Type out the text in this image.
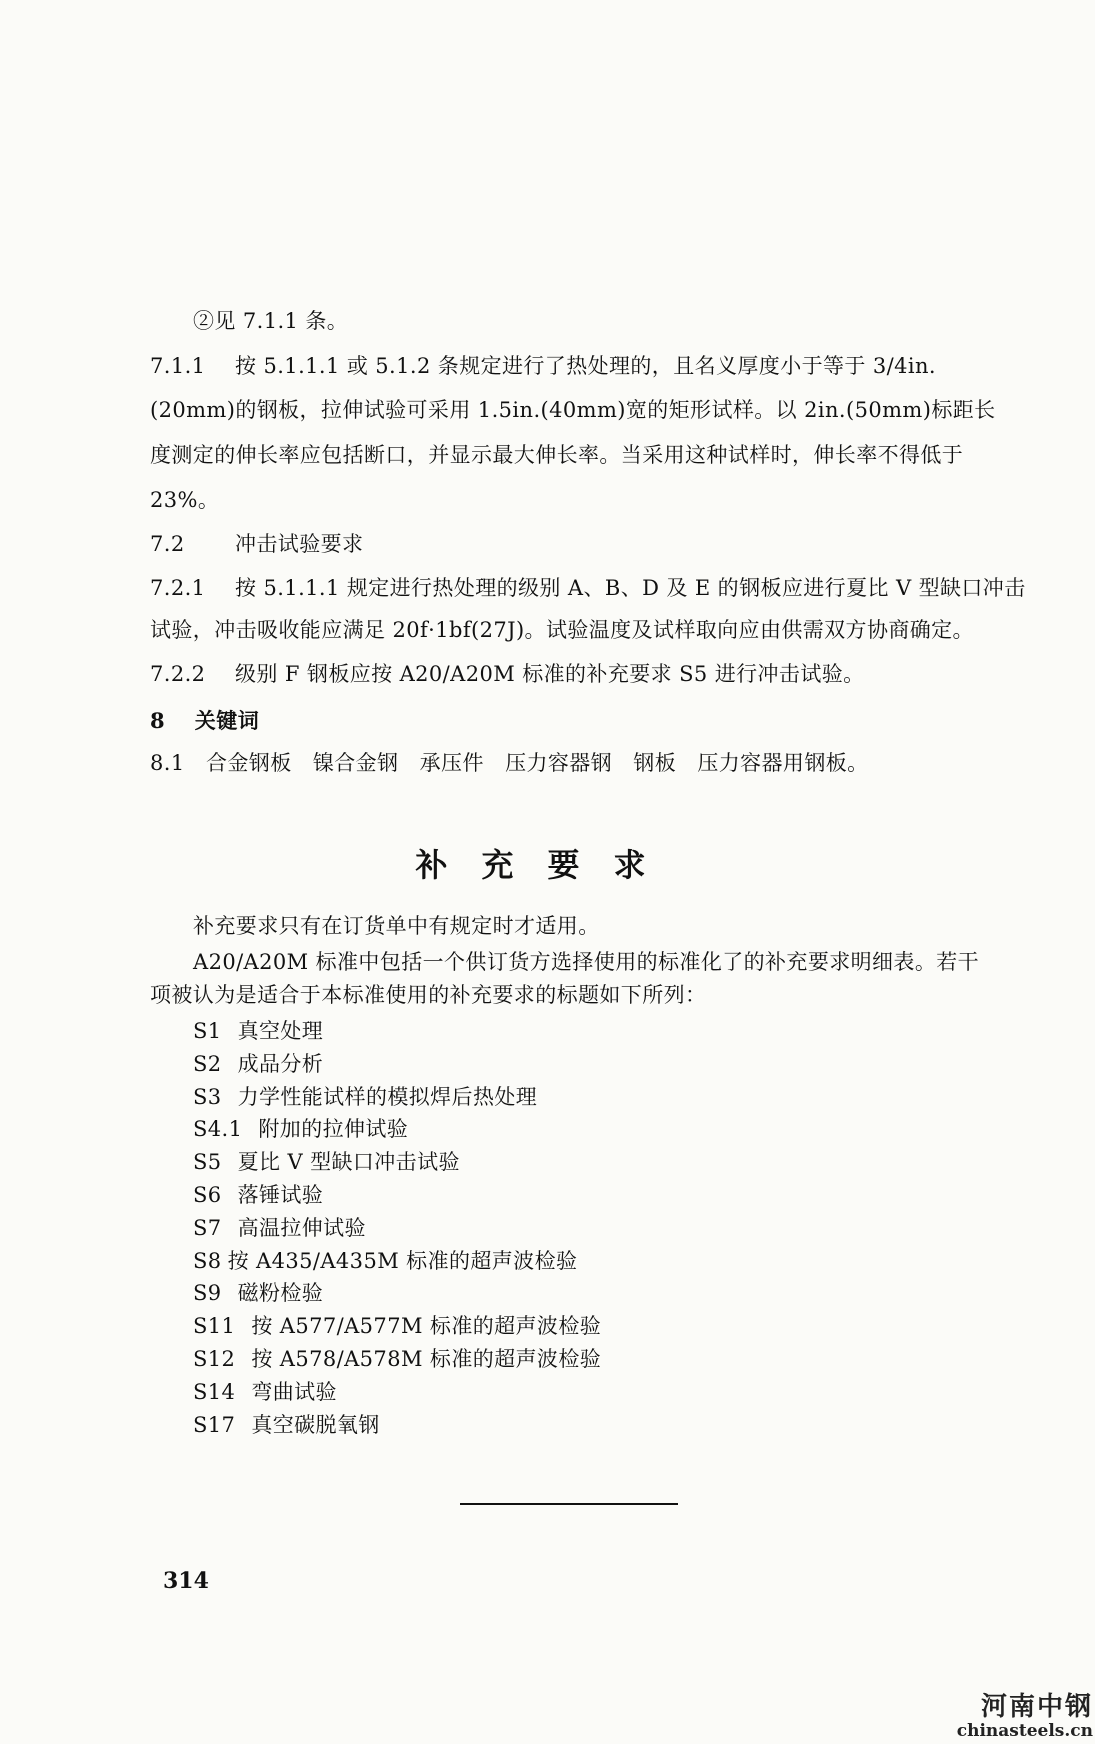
②见 7.1.1 条。

7.1.1 按 5.1.1.1 或 5.1.2 条规定进行了热处理的，且名义厚度小于等于 3/4in.

(20mm)的钢板，拉伸试验可采用 1.5in.(40mm)宽的矩形试样。以 2in.(50mm)标距长

度测定的伸长率应包括断口，并显示最大伸长率。当采用这种试样时，伸长率不得低于

23%。

7.2 冲击试验要求

7.2.1 按 5.1.1.1 规定进行热处理的级别 A、B、D 及 E 的钢板应进行夏比 V 型缺口冲击

试验，冲击吸收能应满足 20f·1bf(27J)。试验温度及试样取向应由供需双方协商确定。

7.2.2 级别 F 钢板应按 A20/A20M 标准的补充要求 S5 进行冲击试验。

8 关键词

8.1 合金钢板   镍合金钢   承压件   压力容器钢   钢板   压力容器用钢板。

补充要求

补充要求只有在订货单中有规定时才适用。

A20/A20M 标准中包括一个供订货方选择使用的标准化了的补充要求明细表。若干

项被认为是适合于本标准使用的补充要求的标题如下所列：

S1 真空处理
S2 成品分析
S3 力学性能试样的模拟焊后热处理
S4.1 附加的拉伸试验
S5 夏比 V 型缺口冲击试验
S6 落锤试验
S7 高温拉伸试验
S8 按 A435/A435M 标准的超声波检验
S9 磁粉检验
S11 按 A577/A577M 标准的超声波检验
S12 按 A578/A578M 标准的超声波检验
S14 弯曲试验
S17 真空碳脱氧钢

314

河南中钢
chinasteels.cn
